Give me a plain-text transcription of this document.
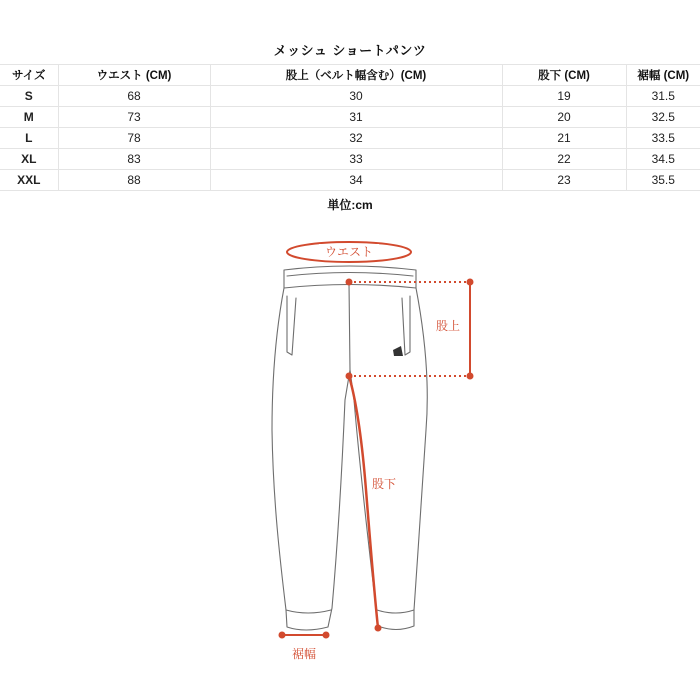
メッシュ ショートパンツ
サイズ	ウエスト (CM)	股上（ベルト幅含む）(CM)	股下 (CM)	裾幅 (CM)
S	68	30	19	31.5
M	73	31	20	32.5
L	78	32	21	33.5
XL	83	33	22	34.5
XXL	88	34	23	35.5
単位:cm
ウエスト
股上
股下
裾幅
